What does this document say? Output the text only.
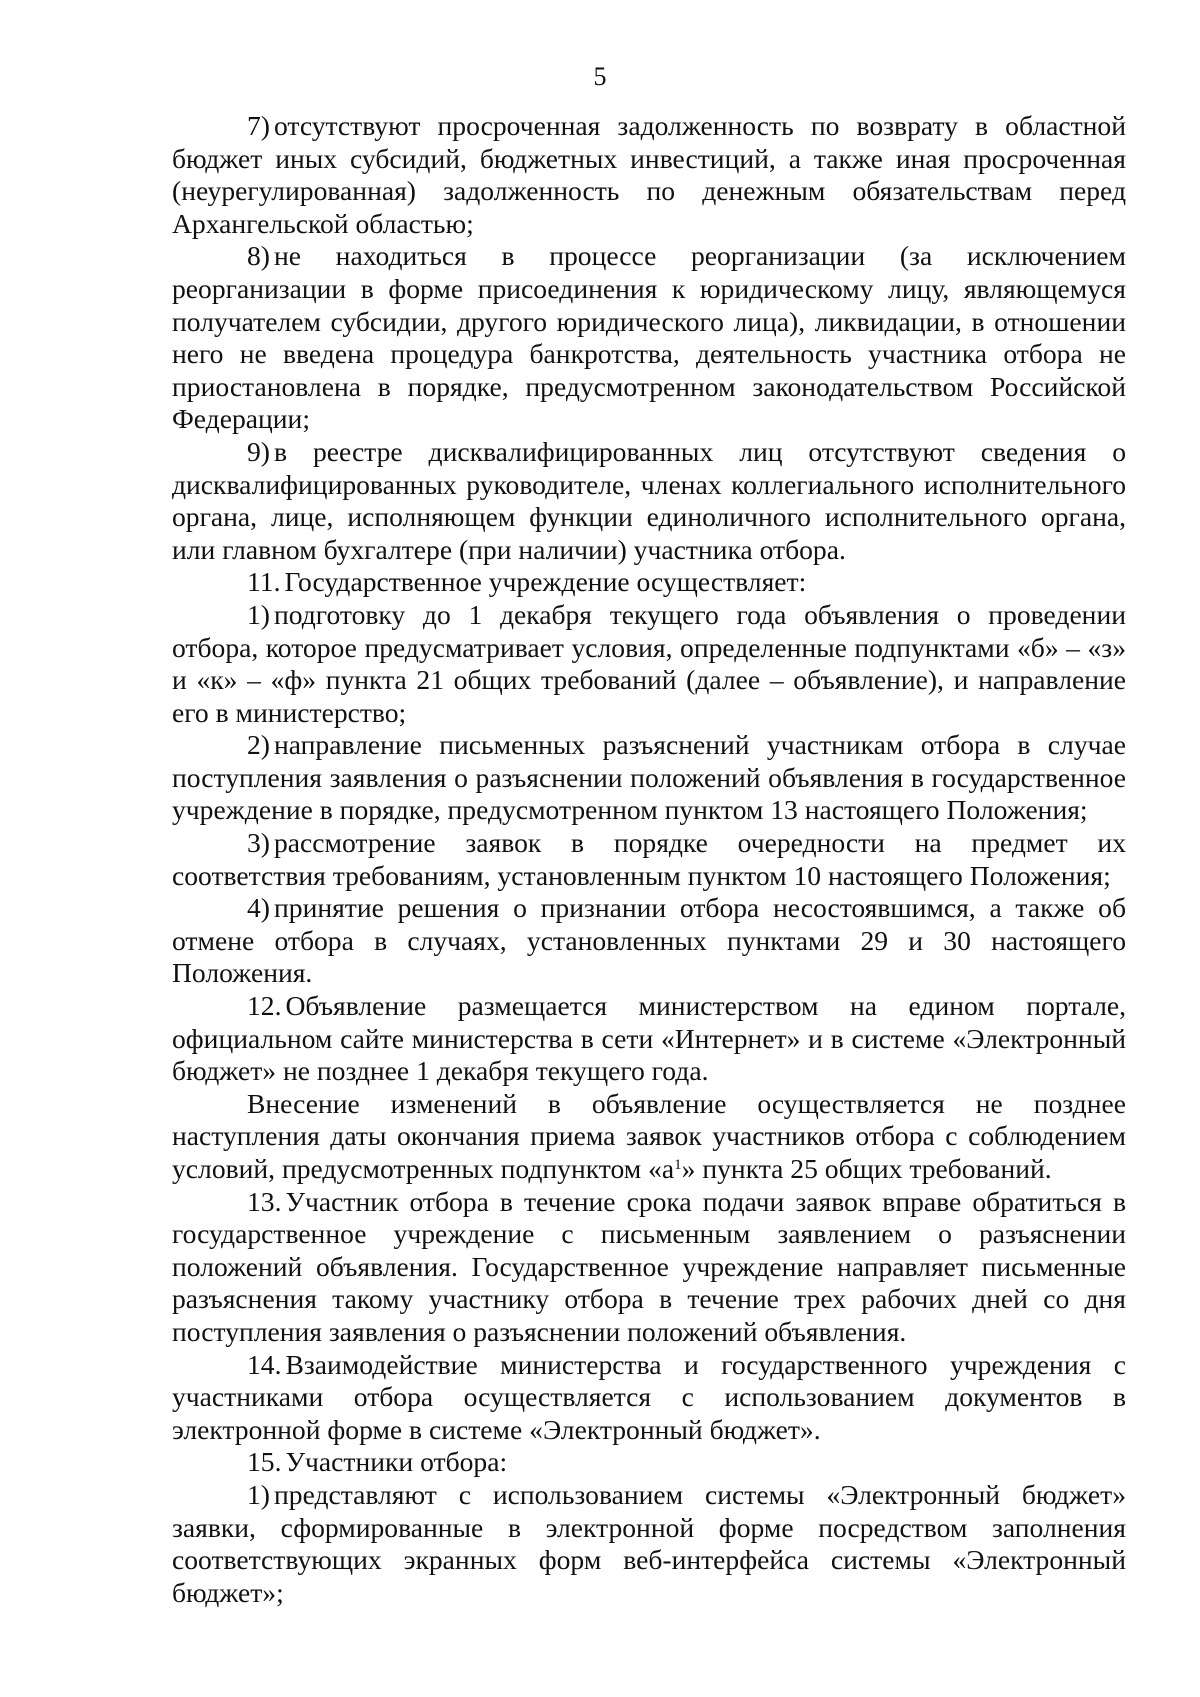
5

7) отсутствуют просроченная задолженность по возврату в областной бюджет иных субсидий, бюджетных инвестиций, а также иная просроченная (неурегулированная) задолженность по денежным обязательствам перед Архангельской областью;

8) не находиться в процессе реорганизации (за исключением реорганизации в форме присоединения к юридическому лицу, являющемуся получателем субсидии, другого юридического лица), ликвидации, в отношении него не введена процедура банкротства, деятельность участника отбора не приостановлена в порядке, предусмотренном законодательством Российской Федерации;

9) в реестре дисквалифицированных лиц отсутствуют сведения о дисквалифицированных руководителе, членах коллегиального исполнительного органа, лице, исполняющем функции единоличного исполнительного органа, или главном бухгалтере (при наличии) участника отбора.

11. Государственное учреждение осуществляет:

1) подготовку до 1 декабря текущего года объявления о проведении отбора, которое предусматривает условия, определенные подпунктами «б» – «з» и «к» – «ф» пункта 21 общих требований (далее – объявление), и направление его в министерство;

2) направление письменных разъяснений участникам отбора в случае поступления заявления о разъяснении положений объявления в государственное учреждение в порядке, предусмотренном пунктом 13 настоящего Положения;

3) рассмотрение заявок в порядке очередности на предмет их соответствия требованиям, установленным пунктом 10 настоящего Положения;

4) принятие решения о признании отбора несостоявшимся, а также об отмене отбора в случаях, установленных пунктами 29 и 30 настоящего Положения.

12. Объявление размещается министерством на едином портале, официальном сайте министерства в сети «Интернет» и в системе «Электронный бюджет» не позднее 1 декабря текущего года.

Внесение изменений в объявление осуществляется не позднее наступления даты окончания приема заявок участников отбора с соблюдением условий, предусмотренных подпунктом «$а^1$» пункта 25 общих требований.

13. Участник отбора в течение срока подачи заявок вправе обратиться в государственное учреждение с письменным заявлением о разъяснении положений объявления. Государственное учреждение направляет письменные разъяснения такому участнику отбора в течение трех рабочих дней со дня поступления заявления о разъяснении положений объявления.

14. Взаимодействие министерства и государственного учреждения с участниками отбора осуществляется с использованием документов в электронной форме в системе «Электронный бюджет».

15. Участники отбора:

1) представляют с использованием системы «Электронный бюджет» заявки, сформированные в электронной форме посредством заполнения соответствующих экранных форм веб-интерфейса системы «Электронный бюджет»;
